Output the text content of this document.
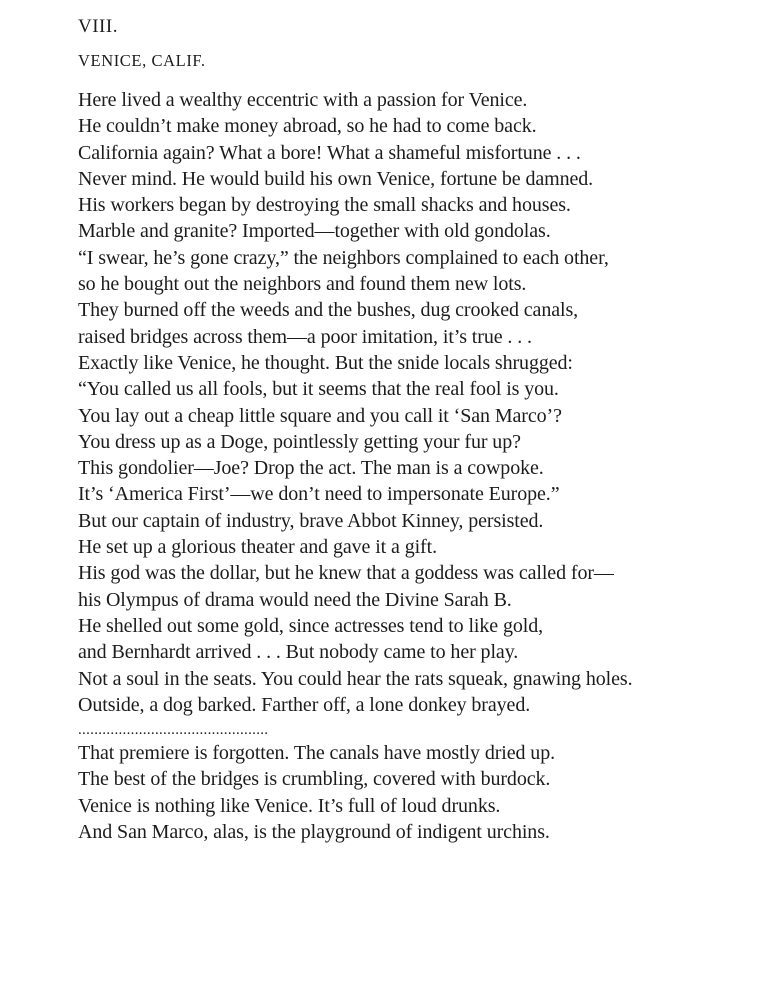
VIII.
VENICE, CALIF.
Here lived a wealthy eccentric with a passion for Venice.
He couldn’t make money abroad, so he had to come back.
California again? What a bore! What a shameful misfortune . . .
Never mind. He would build his own Venice, fortune be damned.
His workers began by destroying the small shacks and houses.
Marble and granite? Imported—together with old gondolas.
“I swear, he’s gone crazy,” the neighbors complained to each other,
so he bought out the neighbors and found them new lots.
They burned off the weeds and the bushes, dug crooked canals,
raised bridges across them—a poor imitation, it’s true . . .
Exactly like Venice, he thought. But the snide locals shrugged:
“You called us all fools, but it seems that the real fool is you.
You lay out a cheap little square and you call it ‘San Marco’?
You dress up as a Doge, pointlessly getting your fur up?
This gondolier—Joe? Drop the act. The man is a cowpoke.
It’s ‘America First’—we don’t need to impersonate Europe.”
But our captain of industry, brave Abbot Kinney, persisted.
He set up a glorious theater and gave it a gift.
His god was the dollar, but he knew that a goddess was called for—
his Olympus of drama would need the Divine Sarah B.
He shelled out some gold, since actresses tend to like gold,
and Bernhardt arrived . . . But nobody came to her play.
Not a soul in the seats. You could hear the rats squeak, gnawing holes.
Outside, a dog barked. Farther off, a lone donkey brayed.
...............................................
That premiere is forgotten. The canals have mostly dried up.
The best of the bridges is crumbling, covered with burdock.
Venice is nothing like Venice. It’s full of loud drunks.
And San Marco, alas, is the playground of indigent urchins.
